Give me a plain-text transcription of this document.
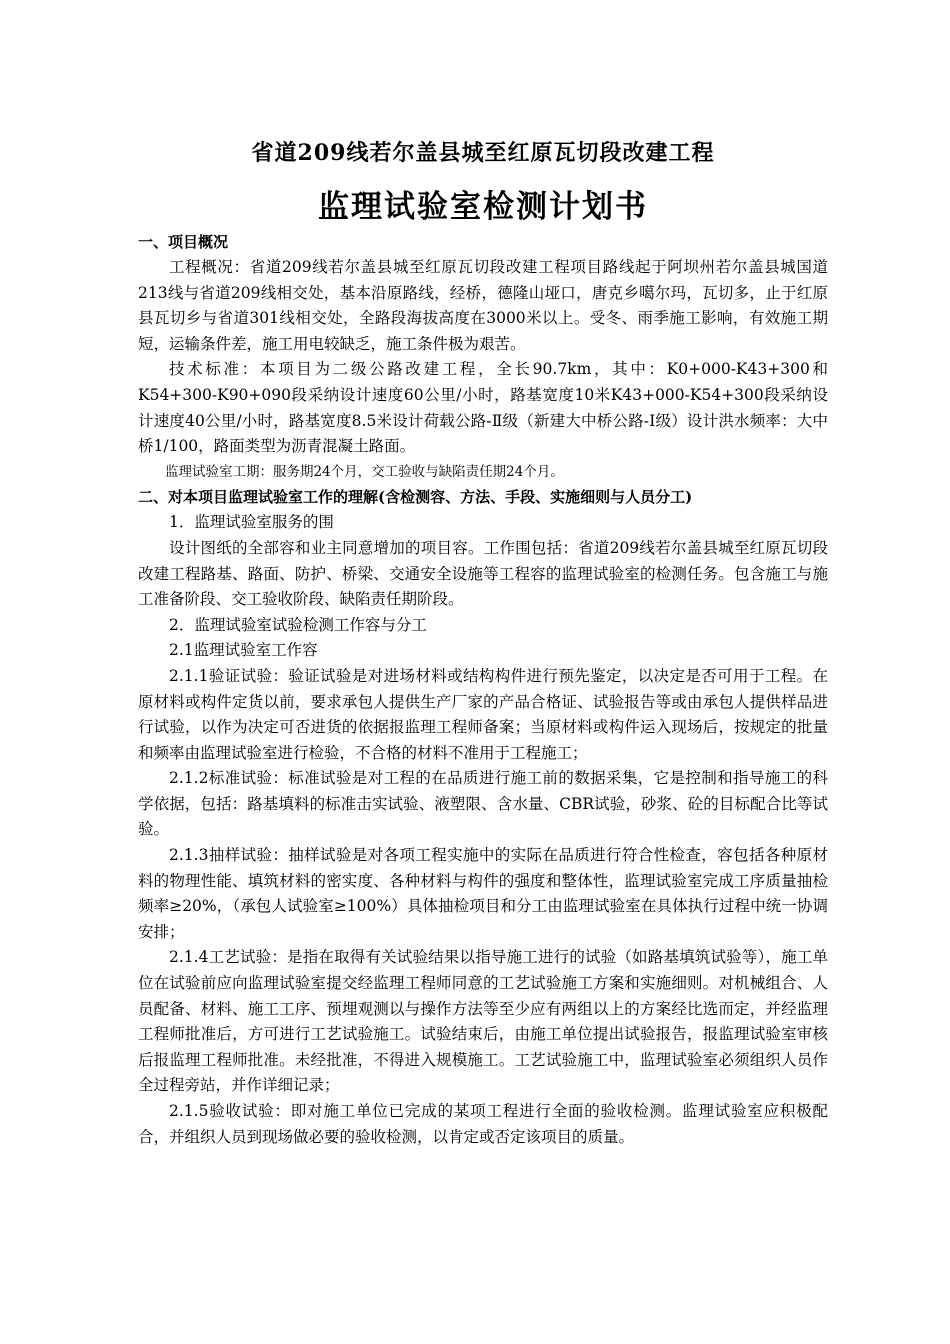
省道209线若尔盖县城至红原瓦切段改建工程
监理试验室检测计划书
一、项目概况

工程概况：省道209线若尔盖县城至红原瓦切段改建工程项目路线起于阿坝州若尔盖县城国道213线与省道209线相交处，基本沿原路线，经桥，德隆山垭口，唐克乡噶尔玛，瓦切多，止于红原县瓦切乡与省道301线相交处，全路段海拔高度在3000米以上。受冬、雨季施工影响，有效施工期短，运输条件差，施工用电较缺乏，施工条件极为艰苦。

技术标准：本项目为二级公路改建工程，全长90.7km，其中：K0+000-K43+300和K54+300-K90+090段采纳设计速度60公里/小时，路基宽度10米K43+000-K54+300段采纳设计速度40公里/小时，路基宽度8.5米设计荷载公路-Ⅱ级（新建大中桥公路-Ⅰ级）设计洪水频率：大中桥1/100，路面类型为沥青混凝土路面。

监理试验室工期：服务期24个月，交工验收与缺陷责任期24个月。

二、对本项目监理试验室工作的理解(含检测容、方法、手段、实施细则与人员分工)

1．监理试验室服务的围

设计图纸的全部容和业主同意增加的项目容。工作围包括：省道209线若尔盖县城至红原瓦切段改建工程路基、路面、防护、桥梁、交通安全设施等工程容的监理试验室的检测任务。包含施工与施工准备阶段、交工验收阶段、缺陷责任期阶段。

2．监理试验室试验检测工作容与分工

2.1监理试验室工作容

2.1.1验证试验：验证试验是对进场材料或结构构件进行预先鉴定，以决定是否可用于工程。在原材料或构件定货以前，要求承包人提供生产厂家的产品合格证、试验报告等或由承包人提供样品进行试验，以作为决定可否进货的依据报监理工程师备案；当原材料或构件运入现场后，按规定的批量和频率由监理试验室进行检验，不合格的材料不准用于工程施工；

2.1.2标准试验：标准试验是对工程的在品质进行施工前的数据采集，它是控制和指导施工的科学依据，包括：路基填料的标准击实试验、液塑限、含水量、CBR试验，砂浆、砼的目标配合比等试验。

2.1.3抽样试验：抽样试验是对各项工程实施中的实际在品质进行符合性检查，容包括各种原材料的物理性能、填筑材料的密实度、各种材料与构件的强度和整体性，监理试验室完成工序质量抽检频率≥20%，（承包人试验室≥100%）具体抽检项目和分工由监理试验室在具体执行过程中统一协调安排；

2.1.4工艺试验：是指在取得有关试验结果以指导施工进行的试验（如路基填筑试验等），施工单位在试验前应向监理试验室提交经监理工程师同意的工艺试验施工方案和实施细则。对机械组合、人员配备、材料、施工工序、预埋观测以与操作方法等至少应有两组以上的方案经比选而定，并经监理工程师批准后，方可进行工艺试验施工。试验结束后，由施工单位提出试验报告，报监理试验室审核后报监理工程师批准。未经批准，不得进入规模施工。工艺试验施工中，监理试验室必须组织人员作全过程旁站，并作详细记录；

2.1.5验收试验：即对施工单位已完成的某项工程进行全面的验收检测。监理试验室应积极配合，并组织人员到现场做必要的验收检测，以肯定或否定该项目的质量。
